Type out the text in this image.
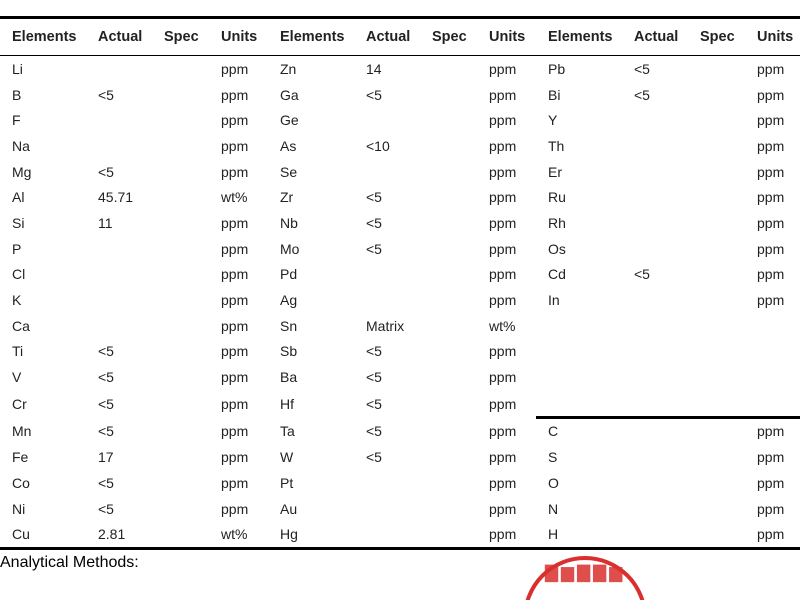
Elements	Actual	Spec	Units	Elements	Actual	Spec	Units	Elements	Actual	Spec	Units
Li			ppm	Zn	14		ppm	Pb	<5		ppm
B	<5		ppm	Ga	<5		ppm	Bi	<5		ppm
F			ppm	Ge			ppm	Y			ppm
Na			ppm	As	<10		ppm	Th			ppm
Mg	<5		ppm	Se			ppm	Er			ppm
Al	45.71		wt%	Zr	<5		ppm	Ru			ppm
Si	11		ppm	Nb	<5		ppm	Rh			ppm
P			ppm	Mo	<5		ppm	Os			ppm
Cl			ppm	Pd			ppm	Cd	<5		ppm
K			ppm	Ag			ppm	In			ppm
Ca			ppm	Sn	Matrix		wt%				
Ti	<5		ppm	Sb	<5		ppm				
V	<5		ppm	Ba	<5		ppm				
Cr	<5		ppm	Hf	<5		ppm				
Mn	<5		ppm	Ta	<5		ppm	C			ppm
Fe	17		ppm	W	<5		ppm	S			ppm
Co	<5		ppm	Pt			ppm	O			ppm
Ni	<5		ppm	Au			ppm	N			ppm
Cu	2.81		wt%	Hg			ppm	H			ppm
Analytical Methods:
▇▆▇▇▆
